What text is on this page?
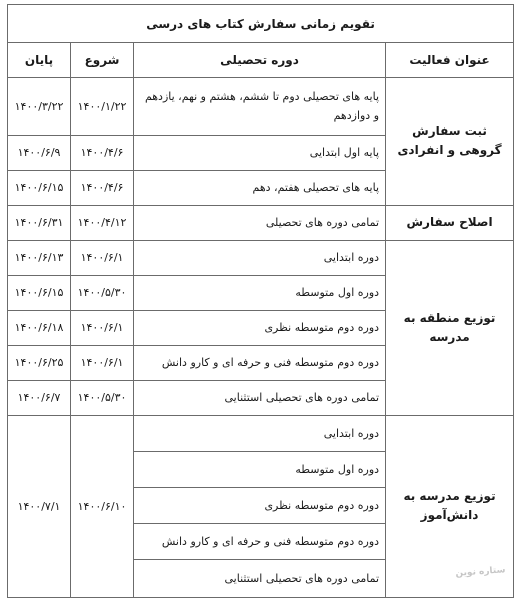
تقویم زمانی سفارش کتاب های درسی			
عنوان فعالیت	دوره تحصیلی	شروع	پایان
ثبت سفارش گروهی و انفرادی	پایه های تحصیلی دوم تا ششم، هشتم و نهم، یازدهم و دوازدهم	۱۴۰۰/۱/۲۲	۱۴۰۰/۳/۲۲
	پایه اول ابتدایی	۱۴۰۰/۴/۶	۱۴۰۰/۶/۹
	پایه های تحصیلی هفتم، دهم	۱۴۰۰/۴/۶	۱۴۰۰/۶/۱۵
اصلاح سفارش	تمامی دوره های تحصیلی	۱۴۰۰/۴/۱۲	۱۴۰۰/۶/۳۱
توزیع منطقه به مدرسه	دوره ابتدایی	۱۴۰۰/۶/۱	۱۴۰۰/۶/۱۳
	دوره اول متوسطه	۱۴۰۰/۵/۳۰	۱۴۰۰/۶/۱۵
	دوره دوم متوسطه نظری	۱۴۰۰/۶/۱	۱۴۰۰/۶/۱۸
	دوره دوم متوسطه فنی و حرفه ای و کارو دانش	۱۴۰۰/۶/۱	۱۴۰۰/۶/۲۵
	تمامی دوره های تحصیلی استثنایی	۱۴۰۰/۵/۳۰	۱۴۰۰/۶/۷
توزیع مدرسه به دانش‌آموز	دوره ابتدایی	۱۴۰۰/۶/۱۰	۱۴۰۰/۷/۱
	دوره اول متوسطه		
	دوره دوم متوسطه نظری		
	دوره دوم متوسطه فنی و حرفه ای و کارو دانش		
	تمامی دوره های تحصیلی استثنایی			ستاره نوین
